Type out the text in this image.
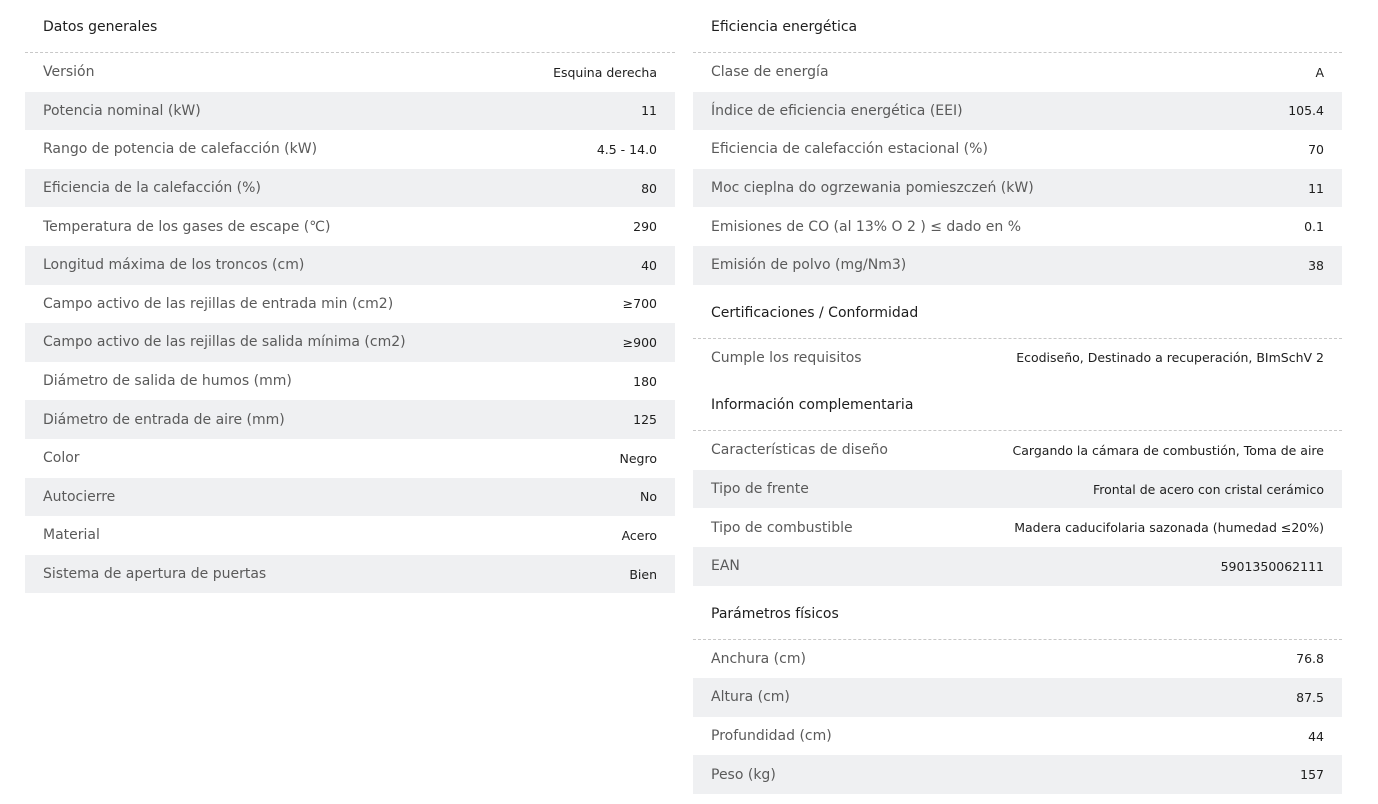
Datos generales
Versión	Esquina derecha
Potencia nominal (kW)	11
Rango de potencia de calefacción (kW)	4.5 - 14.0
Eficiencia de la calefacción (%)	80
Temperatura de los gases de escape (℃)	290
Longitud máxima de los troncos (cm)	40
Campo activo de las rejillas de entrada min (cm2)	≥700
Campo activo de las rejillas de salida mínima (cm2)	≥900
Diámetro de salida de humos (mm)	180
Diámetro de entrada de aire (mm)	125
Color	Negro
Autocierre	No
Material	Acero
Sistema de apertura de puertas	Bien
Eficiencia energética
Clase de energía	A
Índice de eficiencia energética (EEI)	105.4
Eficiencia de calefacción estacional (%)	70
Moc cieplna do ogrzewania pomieszczeń (kW)	11
Emisiones de CO (al 13% O 2 ) ≤ dado en %	0.1
Emisión de polvo (mg/Nm3)	38
Certificaciones / Conformidad
Cumple los requisitos	Ecodiseño, Destinado a recuperación, BImSchV 2
Información complementaria
Características de diseño	Cargando la cámara de combustión, Toma de aire
Tipo de frente	Frontal de acero con cristal cerámico
Tipo de combustible	Madera caducifolaria sazonada (humedad ≤20%)
EAN	5901350062111
Parámetros físicos
Anchura (cm)	76.8
Altura (cm)	87.5
Profundidad (cm)	44
Peso (kg)	157
